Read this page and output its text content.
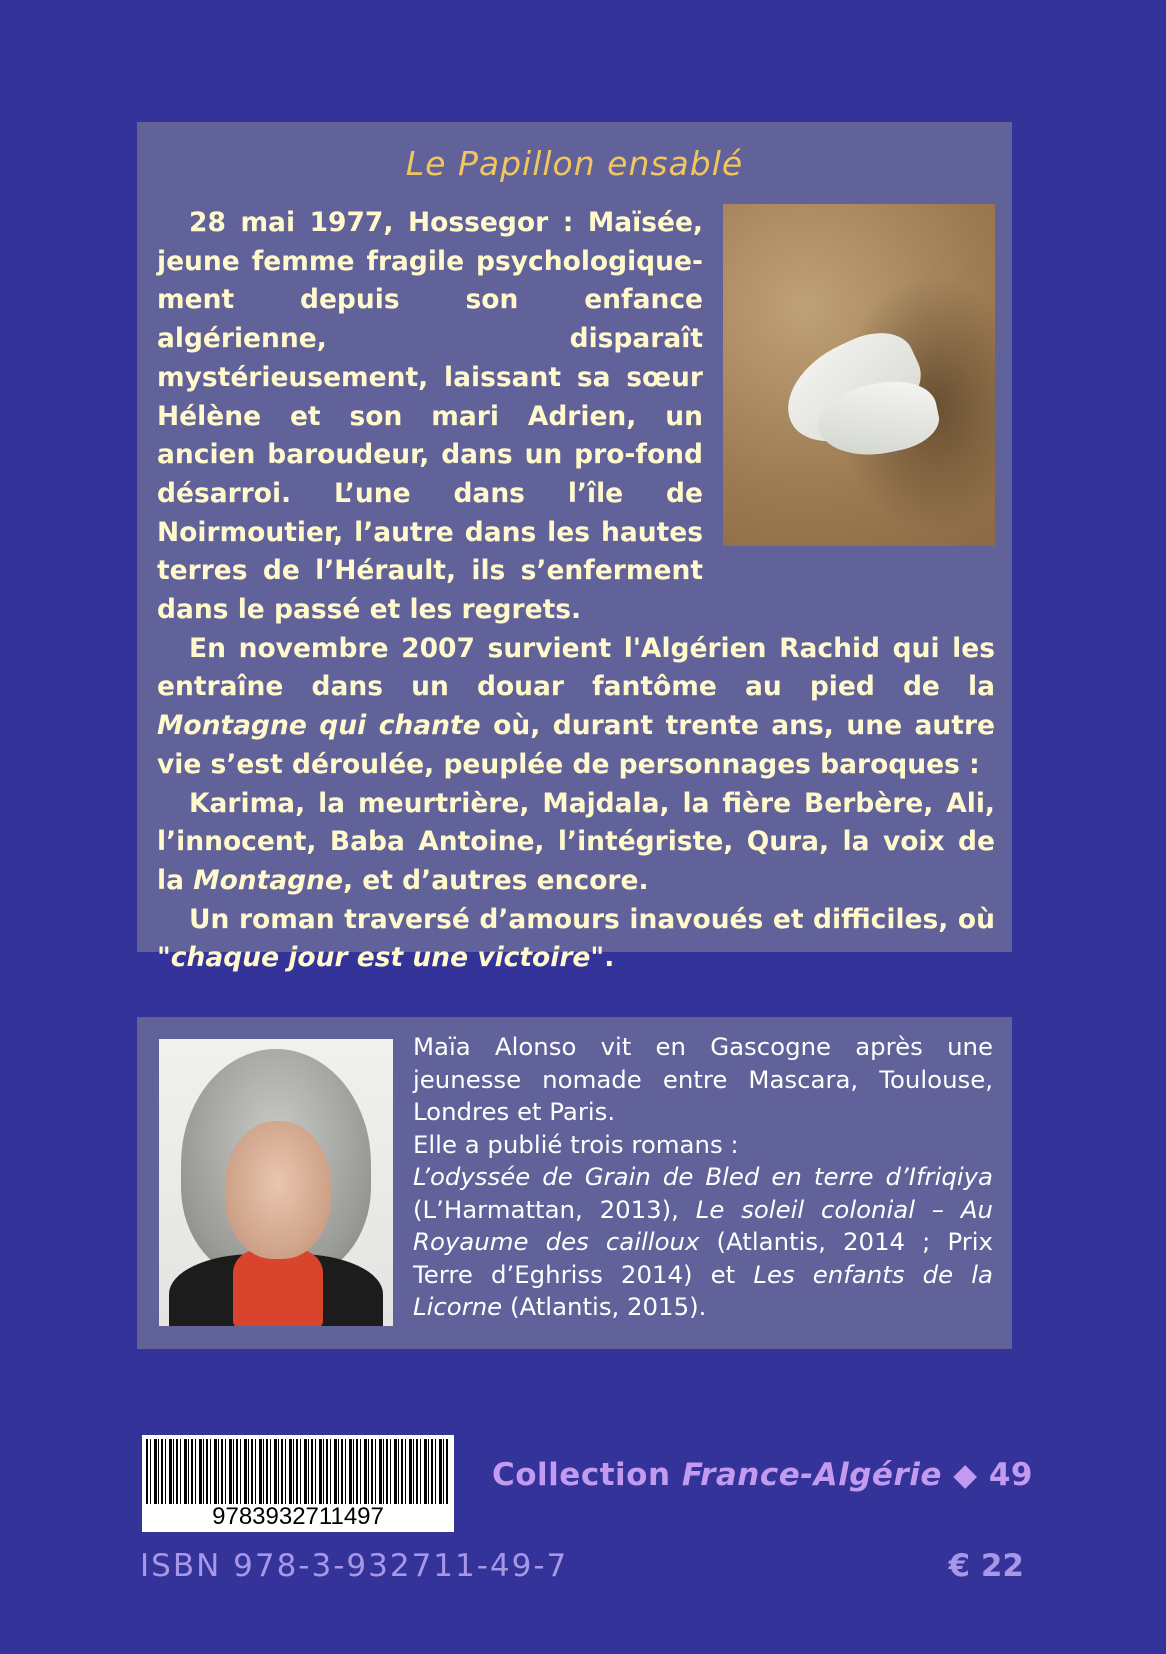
Le Papillon ensablé

28 mai 1977, Hossegor : Maïsée, jeune femme fragile psychologique-ment depuis son enfance algérienne, disparaît mystérieusement, laissant sa sœur Hélène et son mari Adrien, un ancien baroudeur, dans un pro-fond désarroi. L’une dans l’île de Noirmoutier, l’autre dans les hautes terres de l’Hérault, ils s’enferment dans le passé et les regrets.

En novembre 2007 survient l'Algérien Rachid qui les entraîne dans un douar fantôme au pied de la Montagne qui chante où, durant trente ans, une autre vie s’est déroulée, peuplée de personnages baroques :

Karima, la meurtrière, Majdala, la fière Berbère, Ali, l’innocent, Baba Antoine, l’intégriste, Qura, la voix de la Montagne, et d’autres encore.

Un roman traversé d’amours inavoués et difficiles, où "chaque jour est une victoire".

Maïa Alonso vit en Gascogne après une jeunesse nomade entre Mascara, Toulouse, Londres et Paris.

Elle a publié trois romans :

L’odyssée de Grain de Bled en terre d’Ifriqiya (L’Harmattan, 2013), Le soleil colonial – Au Royaume des cailloux (Atlantis, 2014 ; Prix Terre d’Eghriss 2014) et Les enfants de la Licorne (Atlantis, 2015).

9783932711497
Collection France-Algérie ◆ 49
ISBN 978-3-932711-49-7	€ 22
